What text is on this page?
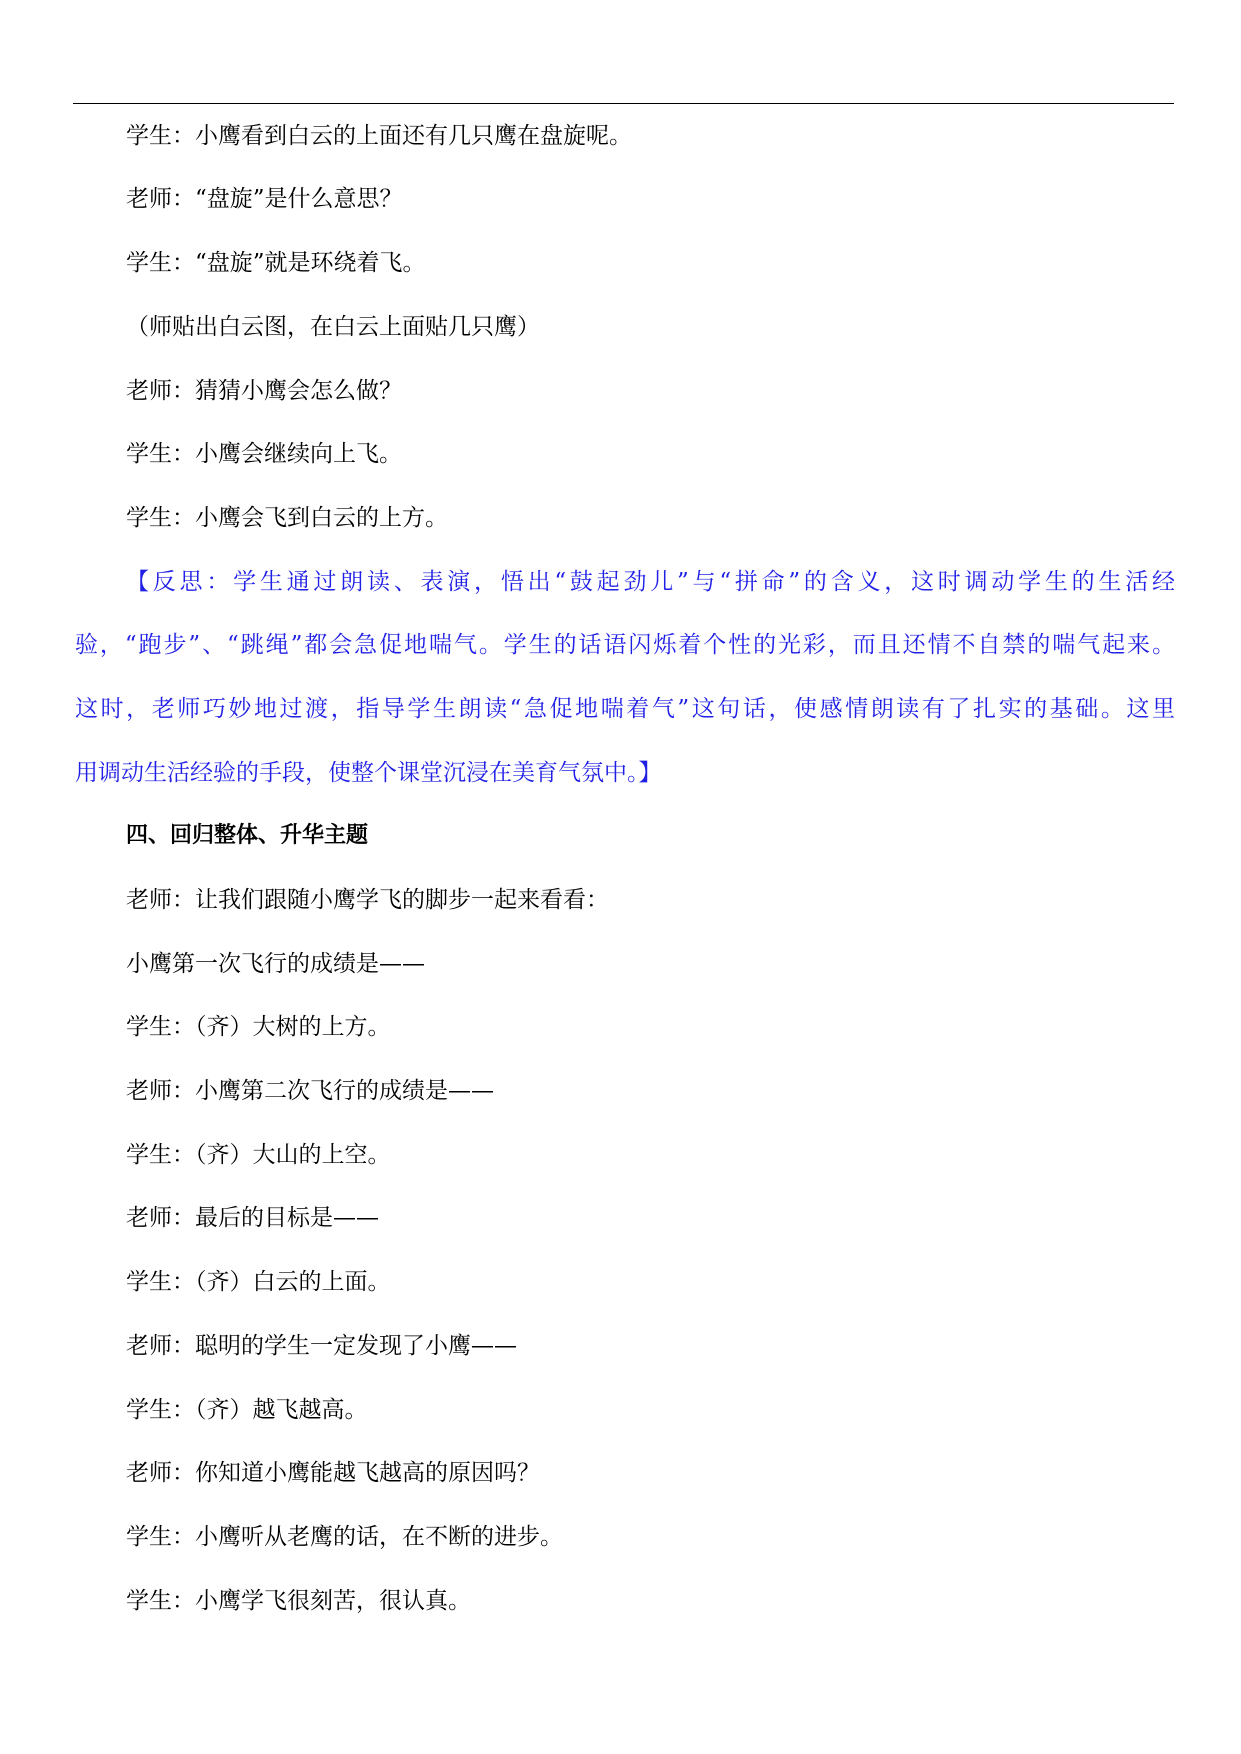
学生：小鹰看到白云的上面还有几只鹰在盘旋呢。
老师：“盘旋”是什么意思？
学生：“盘旋”就是环绕着飞。
（师贴出白云图，在白云上面贴几只鹰）
老师：猜猜小鹰会怎么做？
学生：小鹰会继续向上飞。
学生：小鹰会飞到白云的上方。
【反思：学生通过朗读、表演，悟出“鼓起劲儿”与“拼命”的含义，这时调动学生的生活经
验，“跑步”、“跳绳”都会急促地喘气。学生的话语闪烁着个性的光彩，而且还情不自禁的喘气起来。
这时，老师巧妙地过渡，指导学生朗读“急促地喘着气”这句话，使感情朗读有了扎实的基础。这里
用调动生活经验的手段，使整个课堂沉浸在美育气氛中。】
四、回归整体、升华主题
老师：让我们跟随小鹰学飞的脚步一起来看看：
小鹰第一次飞行的成绩是——
学生：（齐）大树的上方。
老师：小鹰第二次飞行的成绩是——
学生：（齐）大山的上空。
老师：最后的目标是——
学生：（齐）白云的上面。
老师：聪明的学生一定发现了小鹰——
学生：（齐）越飞越高。
老师：你知道小鹰能越飞越高的原因吗？
学生：小鹰听从老鹰的话，在不断的进步。
学生：小鹰学飞很刻苦，很认真。
